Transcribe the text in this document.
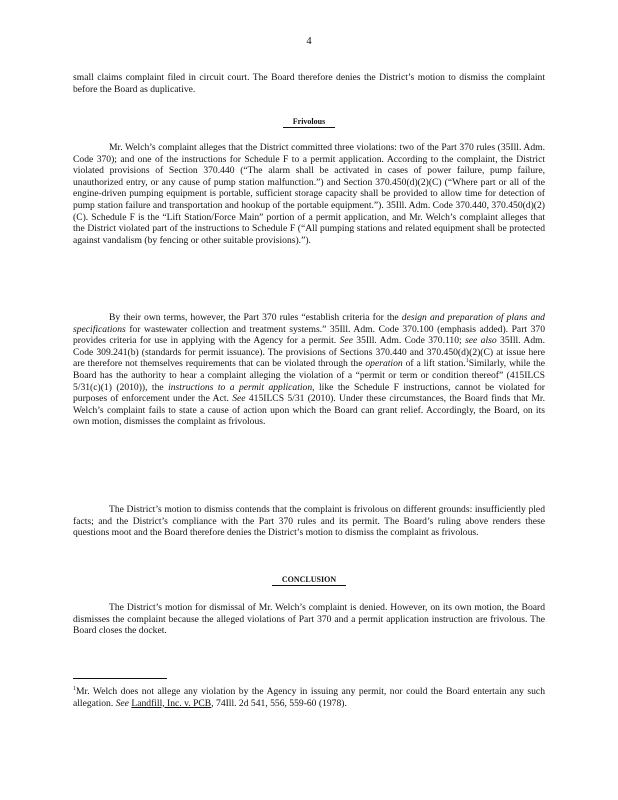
4

small claims complaint filed in circuit court. The Board therefore denies the District’s motion to dismiss the complaint before the Board as duplicative.

Frivolous

Mr. Welch’s complaint alleges that the District committed three violations: two of the Part 370 rules (35Ill. Adm. Code 370); and one of the instructions for Schedule F to a permit application. According to the complaint, the District violated provisions of Section 370.440 (“The alarm shall be activated in cases of power failure, pump failure, unauthorized entry, or any cause of pump station malfunction.”) and Section 370.450(d)(2)(C) (“Where part or all of the engine-driven pumping equipment is portable, sufficient storage capacity shall be provided to allow time for detection of pump station failure and transportation and hookup of the portable equipment.”). 35Ill. Adm. Code 370.440, 370.450(d)(2)(C). Schedule F is the “Lift Station/Force Main” portion of a permit application, and Mr. Welch’s complaint alleges that the District violated part of the instructions to Schedule F (“All pumping stations and related equipment shall be protected against vandalism (by fencing or other suitable provisions).”).

By their own terms, however, the Part 370 rules “establish criteria for the design and preparation of plans and specifications for wastewater collection and treatment systems.” 35Ill. Adm. Code 370.100 (emphasis added). Part 370 provides criteria for use in applying with the Agency for a permit. See 35Ill. Adm. Code 370.110; see also 35Ill. Adm. Code 309.241(b) (standards for permit issuance). The provisions of Sections 370.440 and 370.450(d)(2)(C) at issue here are therefore not themselves requirements that can be violated through the operation of a lift station.$^1$Similarly, while the Board has the authority to hear a complaint alleging the violation of a “permit or term or condition thereof” (415ILCS 5/31(c)(1) (2010)), the instructions to a permit application, like the Schedule F instructions, cannot be violated for purposes of enforcement under the Act. See 415ILCS 5/31 (2010). Under these circumstances, the Board finds that Mr. Welch’s complaint fails to state a cause of action upon which the Board can grant relief. Accordingly, the Board, on its own motion, dismisses the complaint as frivolous.

The District’s motion to dismiss contends that the complaint is frivolous on different grounds: insufficiently pled facts; and the District’s compliance with the Part 370 rules and its permit. The Board’s ruling above renders these questions moot and the Board therefore denies the District’s motion to dismiss the complaint as frivolous.

CONCLUSION

The District’s motion for dismissal of Mr. Welch’s complaint is denied. However, on its own motion, the Board dismisses the complaint because the alleged violations of Part 370 and a permit application instruction are frivolous. The Board closes the docket.

$^1$Mr. Welch does not allege any violation by the Agency in issuing any permit, nor could the Board entertain any such allegation. See Landfill, Inc. v. PCB, 74Ill. 2d 541, 556, 559-60 (1978).
